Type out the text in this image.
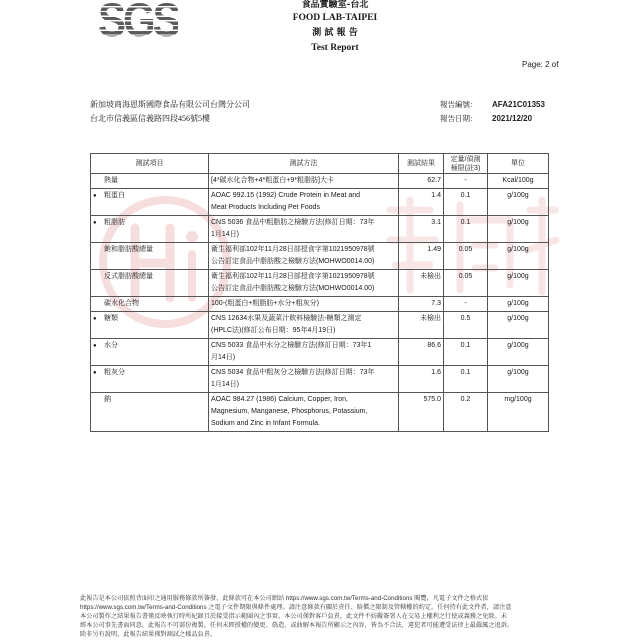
SGS	食品實驗室-台北
FOOD LAB-TAIPEI
測 試 報 告
Test Report
Page: 2 of
新加坡商海恩斯國際食品有限公司台灣分公司
台北市信義區信義路四段456號5樓
報告編號： AFA21C01353
報告日期： 2021/12/20
測試項目	測試方法	測試結果	定量/偵測
極限(註3)	單位
熱量	[4*碳水化合物+4*粗蛋白+9*粗脂肪]大卡	62.7	-	Kcal/100g
● 粗蛋白	AOAC 992.15 (1992) Crude Protein in Meat and
Meat Products Including Pet Foods	1.4	0.1	g/100g
● 粗脂肪	CNS 5036 食品中粗脂肪之檢驗方法(修訂日期：73年
1月14日)	3.1	0.1	g/100g
飽和脂肪酸總量	衛生福利部102年11月28日部授食字第1021950978號
公告訂定食品中脂肪酸之檢驗方法(MOHWO0014.00)	1.49	0.05	g/100g
反式脂肪酸總量	衛生福利部102年11月28日部授食字第1021950978號
公告訂定食品中脂肪酸之檢驗方法(MOHWO0014.00)	未檢出	0.05	g/100g
碳水化合物	100-(粗蛋白+粗脂肪+水分+粗灰分)	7.3	-	g/100g
● 糖類	CNS 12634水果及蔬菜汁飲料檢驗法-糖類之測定
(HPLC法)(修訂公布日期：95年4月19日)	未檢出	0.5	g/100g
● 水分	CNS 5033 食品中水分之檢驗方法(修訂日期：73年1
月14日)	86.6	0.1	g/100g
● 粗灰分	CNS 5034 食品中粗灰分之檢驗方法(修訂日期：73年
1月14日)	1.6	0.1	g/100g
鈉	AOAC 984.27 (1986) Calcium, Copper, Iron,
Magnesium, Manganese, Phosphorus, Potassium,
Sodium and Zinc in Infant Formula.	575.0	0.2	mg/100g
此報告是本公司依照背面印之通用服務條款所簽發，此條款可在本公司網站 https://www.sgs.com.tw/Terms-and-Conditions 閱覽，凡電子文件之格式依
https://www.sgs.com.tw/Terms-and-Conditions 之電子文件期限與條件處理。請注意條款有關於責任、賠償之限制及管轄權的約定。任何持有此文件者，請注意
本公司製作之結果報告書僅反映執行時所紀錄且於接受指示範圍內之事實。本公司僅對客戶負責，此文件不妨礙簽署人在交易上權利之行使或義務之免除。未
經本公司事先書面同意，此報告不可部份複製。任何未經授權的變更、偽造、或曲解本報告所顯示之內容，皆為不合法，違犯者可能遭受法律上最嚴厲之追訴。
除非另有說明，此報告結果僅對測試之樣品負責。
